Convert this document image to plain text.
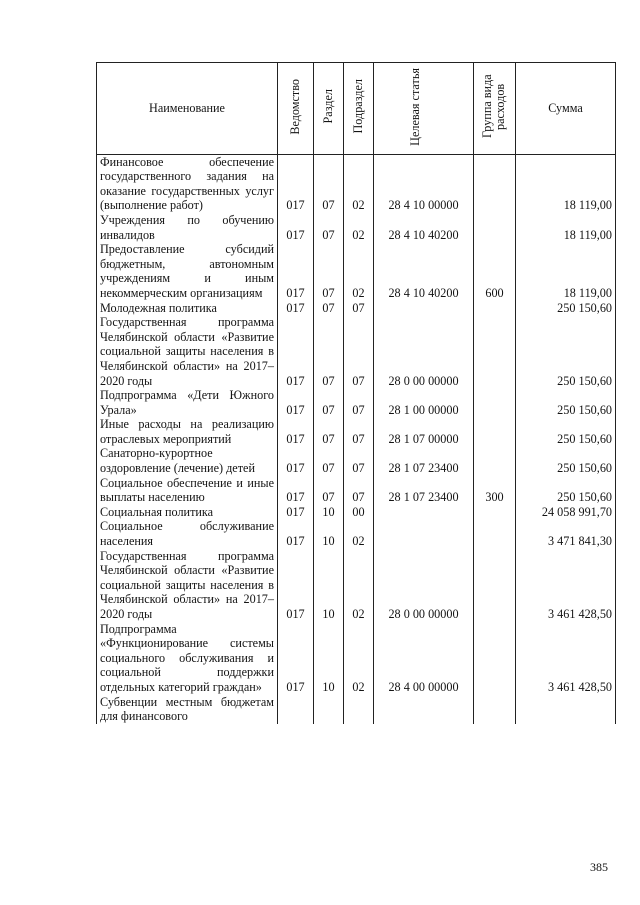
Наименование	Ведомство	Раздел	Подраздел	Целевая статья	Группа вида расходов	Сумма
Финансовое обеспечение государственного задания на оказание государственных услуг (выполнение работ)	017	07	02	28 4 10 00000		18 119,00
Учреждения по обучению инвалидов	017	07	02	28 4 10 40200		18 119,00
Предоставление субсидий бюджетным, автономным учреждениям и иным некоммерческим организациям	017	07	02	28 4 10 40200	600	18 119,00
Молодежная политика	017	07	07			250 150,60
Государственная программа Челябинской области «Развитие социальной защиты населения в Челябинской области» на 2017–2020 годы	017	07	07	28 0 00 00000		250 150,60
Подпрограмма «Дети Южного Урала»	017	07	07	28 1 00 00000		250 150,60
Иные расходы на реализацию отраслевых мероприятий	017	07	07	28 1 07 00000		250 150,60
Санаторно-курортное оздоровление (лечение) детей	017	07	07	28 1 07 23400		250 150,60
Социальное обеспечение и иные выплаты населению	017	07	07	28 1 07 23400	300	250 150,60
Социальная политика	017	10	00			24 058 991,70
Социальное обслуживание населения	017	10	02			3 471 841,30
Государственная программа Челябинской области «Развитие социальной защиты населения в Челябинской области» на 2017–2020 годы	017	10	02	28 0 00 00000		3 461 428,50
Подпрограмма «Функционирование системы социального обслуживания и социальной поддержки отдельных категорий граждан»	017	10	02	28 4 00 00000		3 461 428,50
Субвенции местным бюджетам для финансового						
385
